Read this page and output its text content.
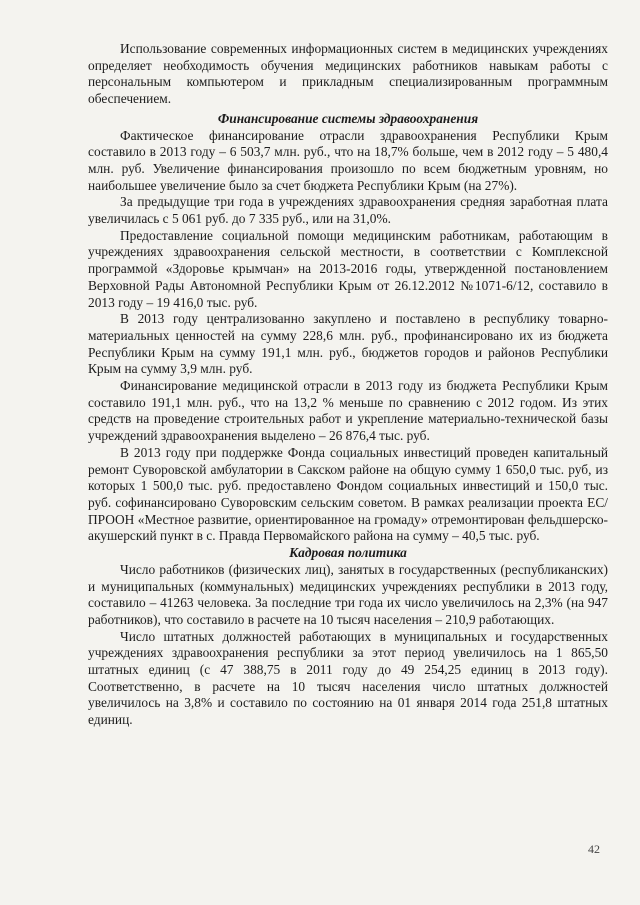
Использование современных информационных систем в медицинских учреждениях определяет необходимость обучения медицинских работников навыкам работы с персональным компьютером и прикладным специализированным программным обеспечением.

Финансирование системы здравоохранения

Фактическое финансирование отрасли здравоохранения Республики Крым составило в 2013 году – 6 503,7 млн. руб., что на 18,7% больше, чем в 2012 году – 5 480,4 млн. руб. Увеличение финансирования произошло по всем бюджетным уровням, но наибольшее увеличение было за счет бюджета Республики Крым (на 27%).

За предыдущие три года в учреждениях здравоохранения средняя заработная плата увеличилась с 5 061 руб. до 7 335 руб., или на 31,0%.

Предоставление социальной помощи медицинским работникам, работающим в учреждениях здравоохранения сельской местности, в соответствии с Комплексной программой «Здоровье крымчан» на 2013-2016 годы, утвержденной постановлением Верховной Рады Автономной Республики Крым от 26.12.2012 №1071-6/12, составило в 2013 году – 19 416,0 тыс. руб.

В 2013 году централизованно закуплено и поставлено в республику товарно-материальных ценностей на сумму 228,6 млн. руб., профинансировано их из бюджета Республики Крым на сумму 191,1 млн. руб., бюджетов городов и районов Республики Крым на сумму 3,9 млн. руб.

Финансирование медицинской отрасли в 2013 году из бюджета Республики Крым составило 191,1 млн. руб., что на 13,2 % меньше по сравнению с 2012 годом. Из этих средств на проведение строительных работ и укрепление материально-технической базы учреждений здравоохранения выделено – 26 876,4 тыс. руб.

В 2013 году при поддержке Фонда социальных инвестиций проведен капитальный ремонт Суворовской амбулатории в Сакском районе на общую сумму 1 650,0 тыс. руб, из которых 1 500,0 тыс. руб. предоставлено Фондом социальных инвестиций и 150,0 тыс. руб. софинансировано Суворовским сельским советом. В рамках реализации проекта ЕС/ПРООН «Местное развитие, ориентированное на громаду» отремонтирован фельдшерско-акушерский пункт в с. Правда Первомайского района на сумму – 40,5 тыс. руб.

Кадровая политика

Число работников (физических лиц), занятых в государственных (республиканских) и муниципальных (коммунальных) медицинских учреждениях республики в 2013 году, составило – 41263 человека. За последние три года их число увеличилось на 2,3% (на 947 работников), что составило в расчете на 10 тысяч населения – 210,9 работающих.

Число штатных должностей работающих в муниципальных и государственных учреждениях здравоохранения республики за этот период увеличилось на 1 865,50 штатных единиц (с 47 388,75 в 2011 году до 49 254,25 единиц в 2013 году). Соответственно, в расчете на 10 тысяч населения число штатных должностей увеличилось на 3,8% и составило по состоянию на 01 января 2014 года 251,8 штатных единиц.

42
